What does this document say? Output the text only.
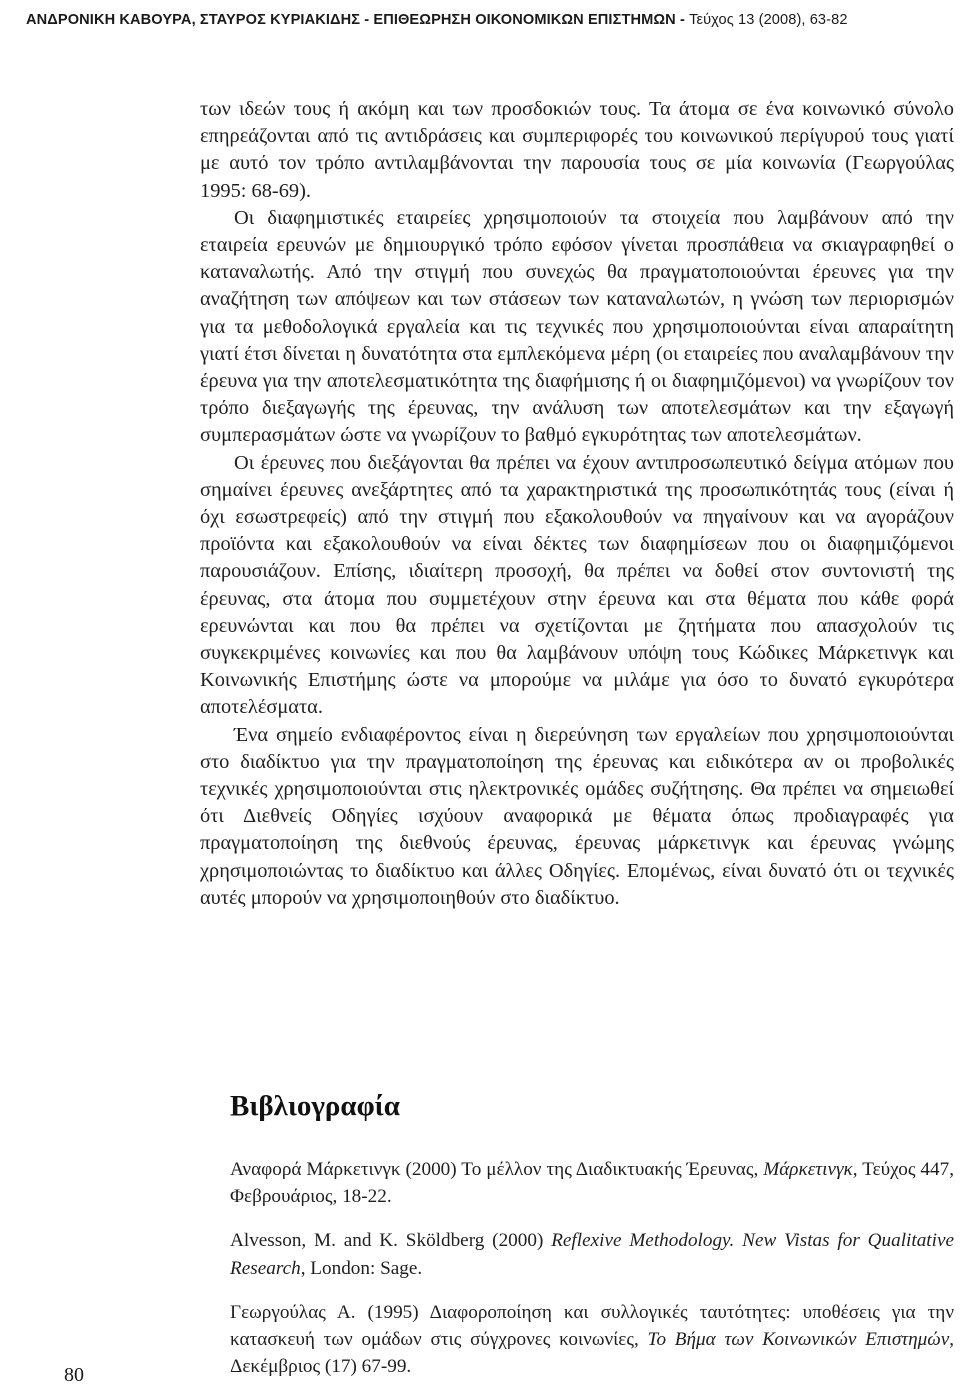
ΑΝΔΡΟΝΙΚΗ ΚΑΒΟΥΡΑ, ΣΤΑΥΡΟΣ ΚΥΡΙΑΚΙΔΗΣ - ΕΠΙΘΕΩΡΗΣΗ ΟΙΚΟΝΟΜΙΚΩΝ ΕΠΙΣΤΗΜΩΝ - Τεύχος 13 (2008), 63-82

των ιδεών τους ή ακόμη και των προσδοκιών τους. Τα άτομα σε ένα κοινωνικό σύνολο επηρεάζονται από τις αντιδράσεις και συμπεριφορές του κοινωνικού περίγυρού τους γιατί με αυτό τον τρόπο αντιλαμβάνονται την παρουσία τους σε μία κοινωνία (Γεωργούλας 1995: 68-69).

Οι διαφημιστικές εταιρείες χρησιμοποιούν τα στοιχεία που λαμβάνουν από την εταιρεία ερευνών με δημιουργικό τρόπο εφόσον γίνεται προσπάθεια να σκιαγραφηθεί ο καταναλωτής. Από την στιγμή που συνεχώς θα πραγματοποιούνται έρευνες για την αναζήτηση των απόψεων και των στάσεων των καταναλωτών, η γνώση των περιορισμών για τα μεθοδολογικά εργαλεία και τις τεχνικές που χρησιμοποιούνται είναι απαραίτητη γιατί έτσι δίνεται η δυνατότητα στα εμπλεκόμενα μέρη (οι εταιρείες που αναλαμβάνουν την έρευνα για την αποτελεσματικότητα της διαφήμισης ή οι διαφημιζόμενοι) να γνωρίζουν τον τρόπο διεξαγωγής της έρευνας, την ανάλυση των αποτελεσμάτων και την εξαγωγή συμπερασμάτων ώστε να γνωρίζουν το βαθμό εγκυρότητας των αποτελεσμάτων.

Οι έρευνες που διεξάγονται θα πρέπει να έχουν αντιπροσωπευτικό δείγμα ατόμων που σημαίνει έρευνες ανεξάρτητες από τα χαρακτηριστικά της προσωπικότητάς τους (είναι ή όχι εσωστρεφείς) από την στιγμή που εξακολουθούν να πηγαίνουν και να αγοράζουν προϊόντα και εξακολουθούν να είναι δέκτες των διαφημίσεων που οι διαφημιζόμενοι παρουσιάζουν. Επίσης, ιδιαίτερη προσοχή, θα πρέπει να δοθεί στον συντονιστή της έρευνας, στα άτομα που συμμετέχουν στην έρευνα και στα θέματα που κάθε φορά ερευνώνται και που θα πρέπει να σχετίζονται με ζητήματα που απασχολούν τις συγκεκριμένες κοινωνίες και που θα λαμβάνουν υπόψη τους Κώδικες Μάρκετινγκ και Κοινωνικής Επιστήμης ώστε να μπορούμε να μιλάμε για όσο το δυνατό εγκυρότερα αποτελέσματα.

Ένα σημείο ενδιαφέροντος είναι η διερεύνηση των εργαλείων που χρησιμοποιούνται στο διαδίκτυο για την πραγματοποίηση της έρευνας και ειδικότερα αν οι προβολικές τεχνικές χρησιμοποιούνται στις ηλεκτρονικές ομάδες συζήτησης. Θα πρέπει να σημειωθεί ότι Διεθνείς Οδηγίες ισχύουν αναφορικά με θέματα όπως προδιαγραφές για πραγματοποίηση της διεθνούς έρευνας, έρευνας μάρκετινγκ και έρευνας γνώμης χρησιμοποιώντας το διαδίκτυο και άλλες Οδηγίες. Επομένως, είναι δυνατό ότι οι τεχνικές αυτές μπορούν να χρησιμοποιηθούν στο διαδίκτυο.

Βιβλιογραφία

Αναφορά Μάρκετινγκ (2000) Το μέλλον της Διαδικτυακής Έρευνας, Μάρκετινγκ, Τεύχος 447, Φεβρουάριος, 18-22.

Alvesson, M. and K. Sköldberg (2000) Reflexive Methodology. New Vistas for Qualitative Research, London: Sage.

Γεωργούλας Α. (1995) Διαφοροποίηση και συλλογικές ταυτότητες: υποθέσεις για την κατασκευή των ομάδων στις σύγχρονες κοινωνίες, Το Βήμα των Κοινωνικών Επιστημών, Δεκέμβριος (17) 67-99.

80
